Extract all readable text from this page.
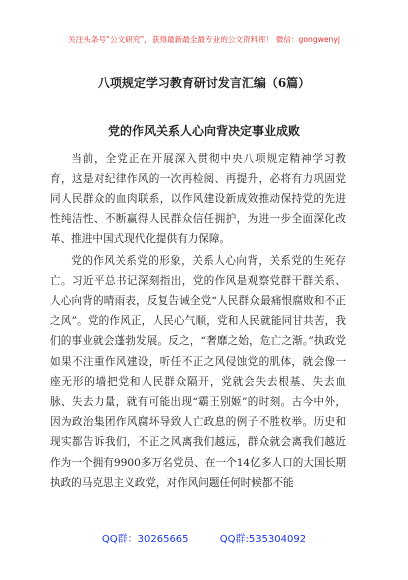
关注头条号“公文研究”，获得最新最全最专业的公文资料库！ 微信：gongwenyj
八项规定学习教育研讨发言汇编（6篇）
党的作风关系人心向背决定事业成败

当前，全党正在开展深入贯彻中央八项规定精神学习教育，这是对纪律作风的一次再检阅、再提升，必将有力巩固党同人民群众的血肉联系，以作风建设新成效推动保持党的先进性纯洁性、不断赢得人民群众信任拥护，为进一步全面深化改革、推进中国式现代化提供有力保障。

党的作风关系党的形象，关系人心向背，关系党的生死存亡。习近平总书记深刻指出，党的作风是观察党群干群关系、人心向背的晴雨表，反复告诫全党“人民群众最痛恨腐败和不正之风”。党的作风正，人民心气顺，党和人民就能同甘共苦，我们的事业就会蓬勃发展。反之，“奢靡之始，危亡之渐。”执政党如果不注重作风建设，听任不正之风侵蚀党的肌体，就会像一座无形的墙把党和人民群众隔开，党就会失去根基、失去血脉、失去力量，就有可能出现“霸王别姬”的时刻。古今中外，因为政治集团作风腐坏导致人亡政息的例子不胜枚举。历史和现实都告诉我们，不正之风离我们越远，群众就会离我们越近作为一个拥有9900多万名党员、在一个14亿多人口的大国长期执政的马克思主义政党，对作风问题任何时候都不能

QQ群：30265665	QQ群:535304092
